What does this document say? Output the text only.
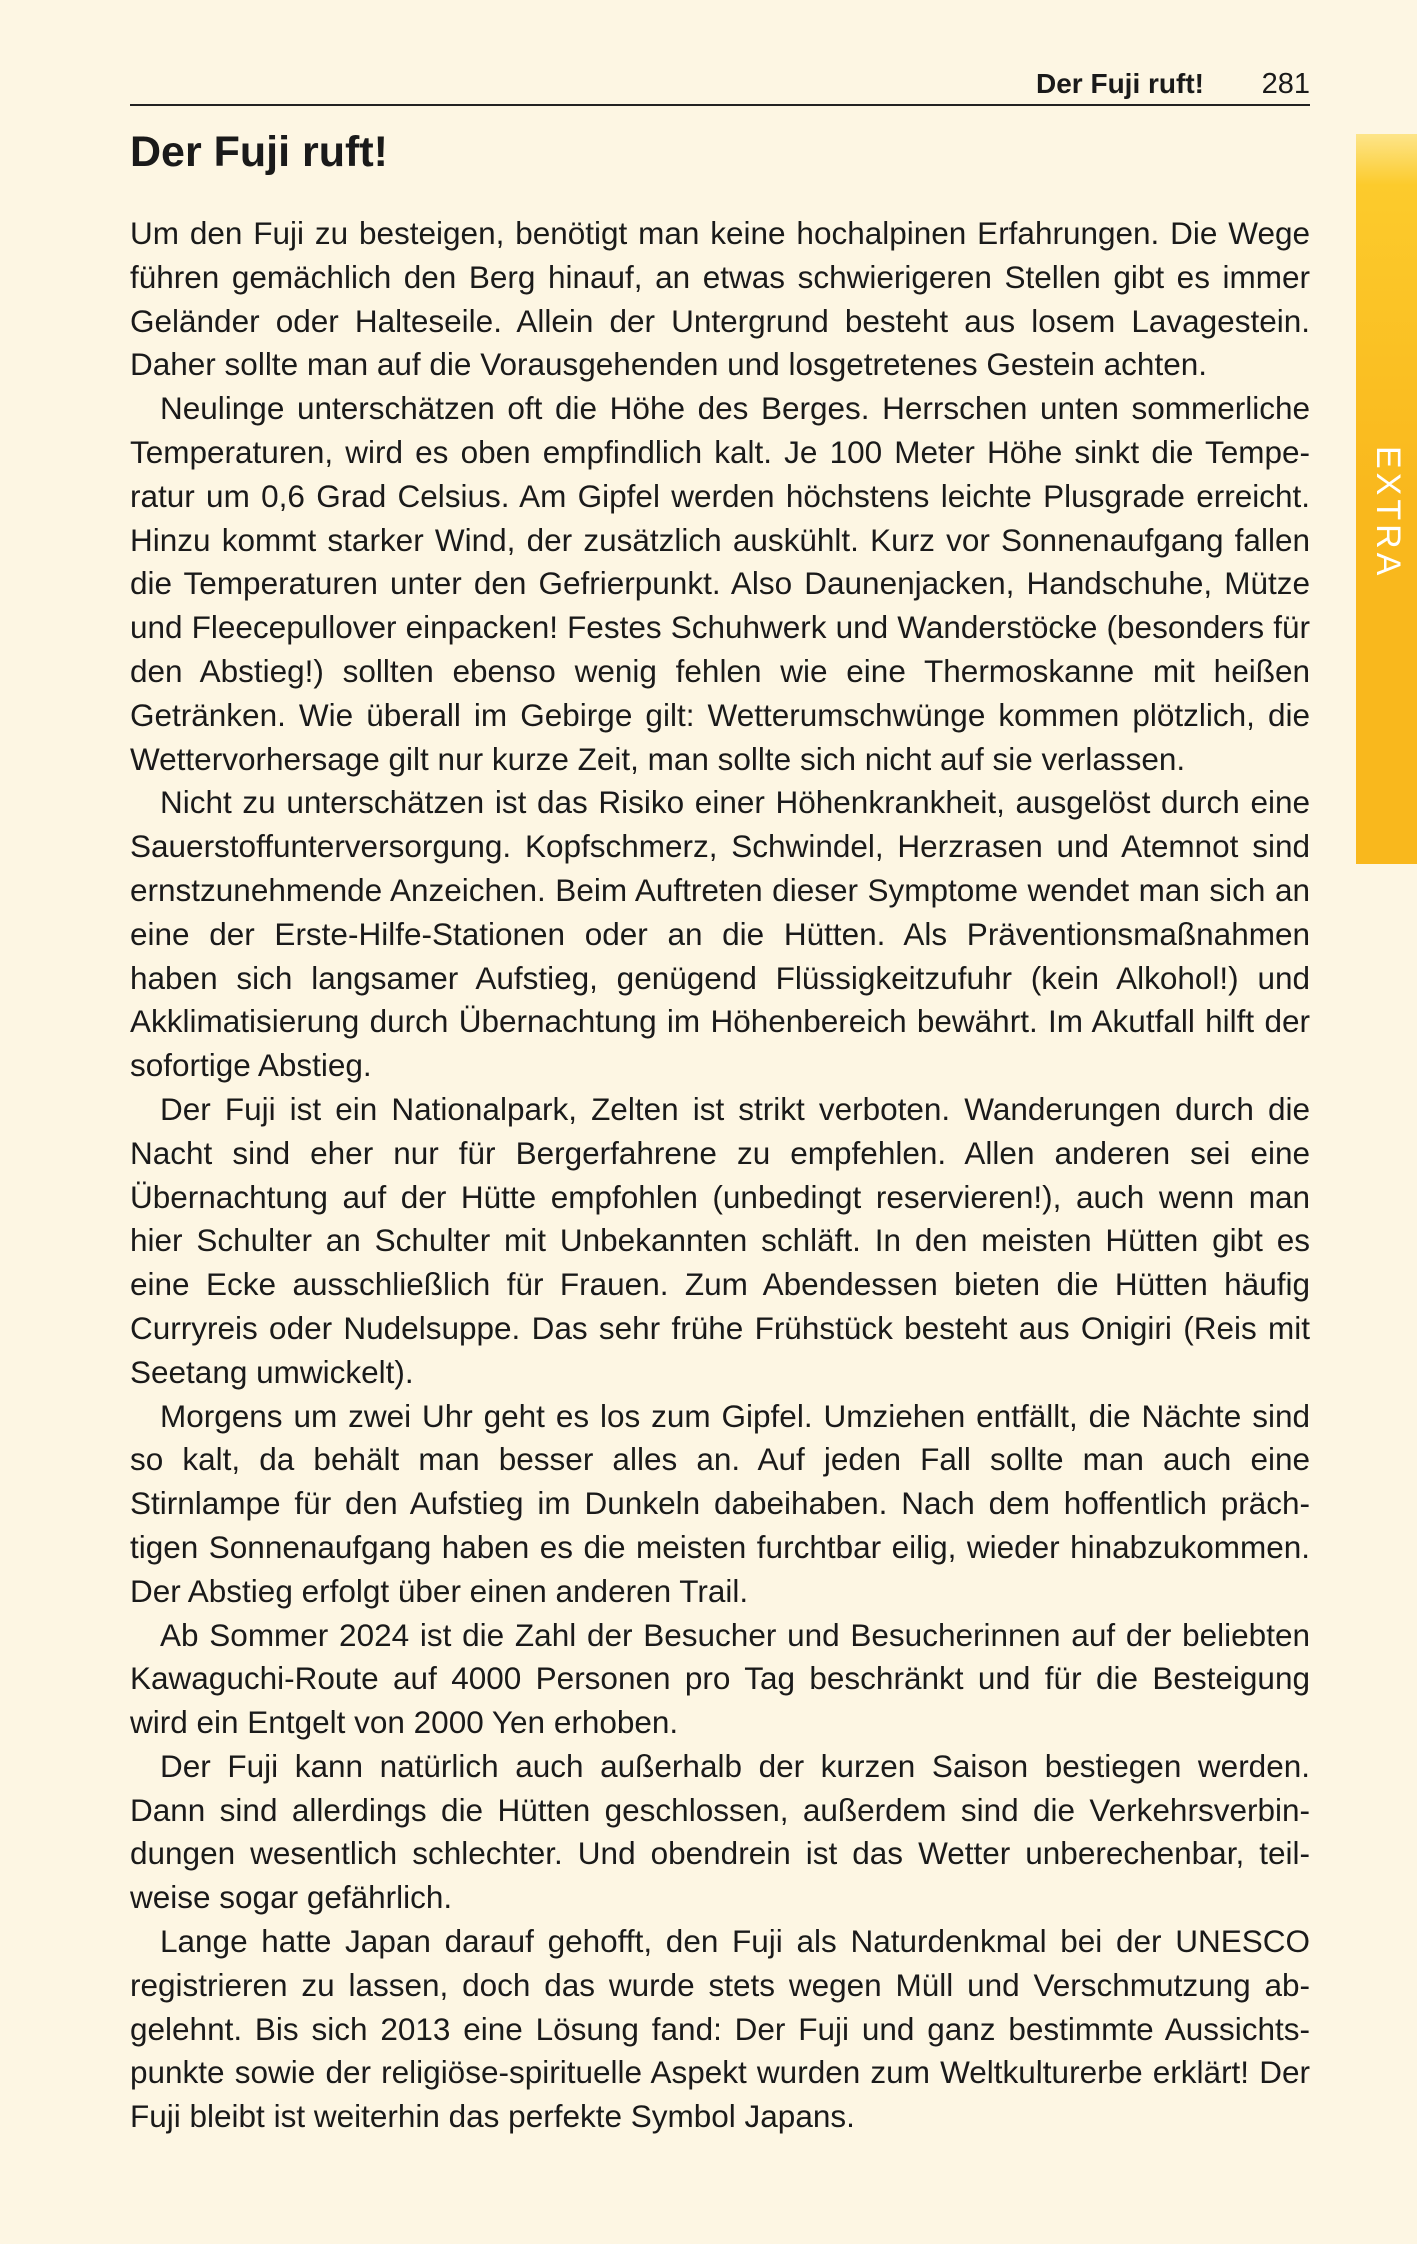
Der Fuji ruft! 281
EXTRA
Der Fuji ruft!

Um den Fuji zu besteigen, benötigt man keine hochalpinen Erfahrungen. Die Wege führen gemächlich den Berg hinauf, an etwas schwierigeren Stellen gibt es immer Geländer oder Halteseile. Allein der Untergrund besteht aus losem Lavagestein. Daher sollte man auf die Vorausgehenden und losgetretenes Gestein achten.

Neulinge unterschätzen oft die Höhe des Berges. Herrschen unten sommerliche Temperaturen, wird es oben empfindlich kalt. Je 100 Meter Höhe sinkt die Temperatur um 0,6 Grad Celsius. Am Gipfel werden höchstens leichte Plusgrade erreicht. Hinzu kommt starker Wind, der zusätzlich auskühlt. Kurz vor Sonnenaufgang fallen die Temperaturen unter den Gefrierpunkt. Also Daunenjacken, Handschuhe, Mütze und Fleecepullover einpacken! Festes Schuhwerk und Wanderstöcke (besonders für den Abstieg!) sollten ebenso wenig fehlen wie eine Thermoskanne mit heißen Getränken. Wie überall im Gebirge gilt: Wetterumschwünge kommen plötzlich, die Wettervorhersage gilt nur kurze Zeit, man sollte sich nicht auf sie verlassen.

Nicht zu unterschätzen ist das Risiko einer Höhenkrankheit, ausgelöst durch eine Sauerstoffunterversorgung. Kopfschmerz, Schwindel, Herzrasen und Atemnot sind ernstzunehmende Anzeichen. Beim Auftreten dieser Symptome wendet man sich an eine der Erste-Hilfe-Stationen oder an die Hütten. Als Präventionsmaßnahmen haben sich langsamer Aufstieg, genügend Flüssigkeitzufuhr (kein Alkohol!) und Akklimatisierung durch Übernachtung im Höhenbereich bewährt. Im Akutfall hilft der sofortige Abstieg.

Der Fuji ist ein Nationalpark, Zelten ist strikt verboten. Wanderungen durch die Nacht sind eher nur für Bergerfahrene zu empfehlen. Allen anderen sei eine Übernachtung auf der Hütte empfohlen (unbedingt reservieren!), auch wenn man hier Schulter an Schulter mit Unbekannten schläft. In den meisten Hütten gibt es eine Ecke ausschließlich für Frauen. Zum Abendessen bieten die Hütten häufig Curryreis oder Nudelsuppe. Das sehr frühe Frühstück besteht aus Onigiri (Reis mit Seetang umwickelt).

Morgens um zwei Uhr geht es los zum Gipfel. Umziehen entfällt, die Nächte sind so kalt, da behält man besser alles an. Auf jeden Fall sollte man auch eine Stirnlampe für den Aufstieg im Dunkeln dabeihaben. Nach dem hoffentlich prächtigen Sonnenaufgang haben es die meisten furchtbar eilig, wieder hinabzukommen. Der Abstieg erfolgt über einen anderen Trail.

Ab Sommer 2024 ist die Zahl der Besucher und Besucherinnen auf der beliebten Kawaguchi-Route auf 4000 Personen pro Tag beschränkt und für die Besteigung wird ein Entgelt von 2000 Yen erhoben.

Der Fuji kann natürlich auch außerhalb der kurzen Saison bestiegen werden. Dann sind allerdings die Hütten geschlossen, außerdem sind die Verkehrsverbindungen wesentlich schlechter. Und obendrein ist das Wetter unberechenbar, teilweise sogar gefährlich.

Lange hatte Japan darauf gehofft, den Fuji als Naturdenkmal bei der UNESCO registrieren zu lassen, doch das wurde stets wegen Müll und Verschmutzung abgelehnt. Bis sich 2013 eine Lösung fand: Der Fuji und ganz bestimmte Aussichtspunkte sowie der religiöse-spirituelle Aspekt wurden zum Weltkulturerbe erklärt! Der Fuji bleibt ist weiterhin das perfekte Symbol Japans.
